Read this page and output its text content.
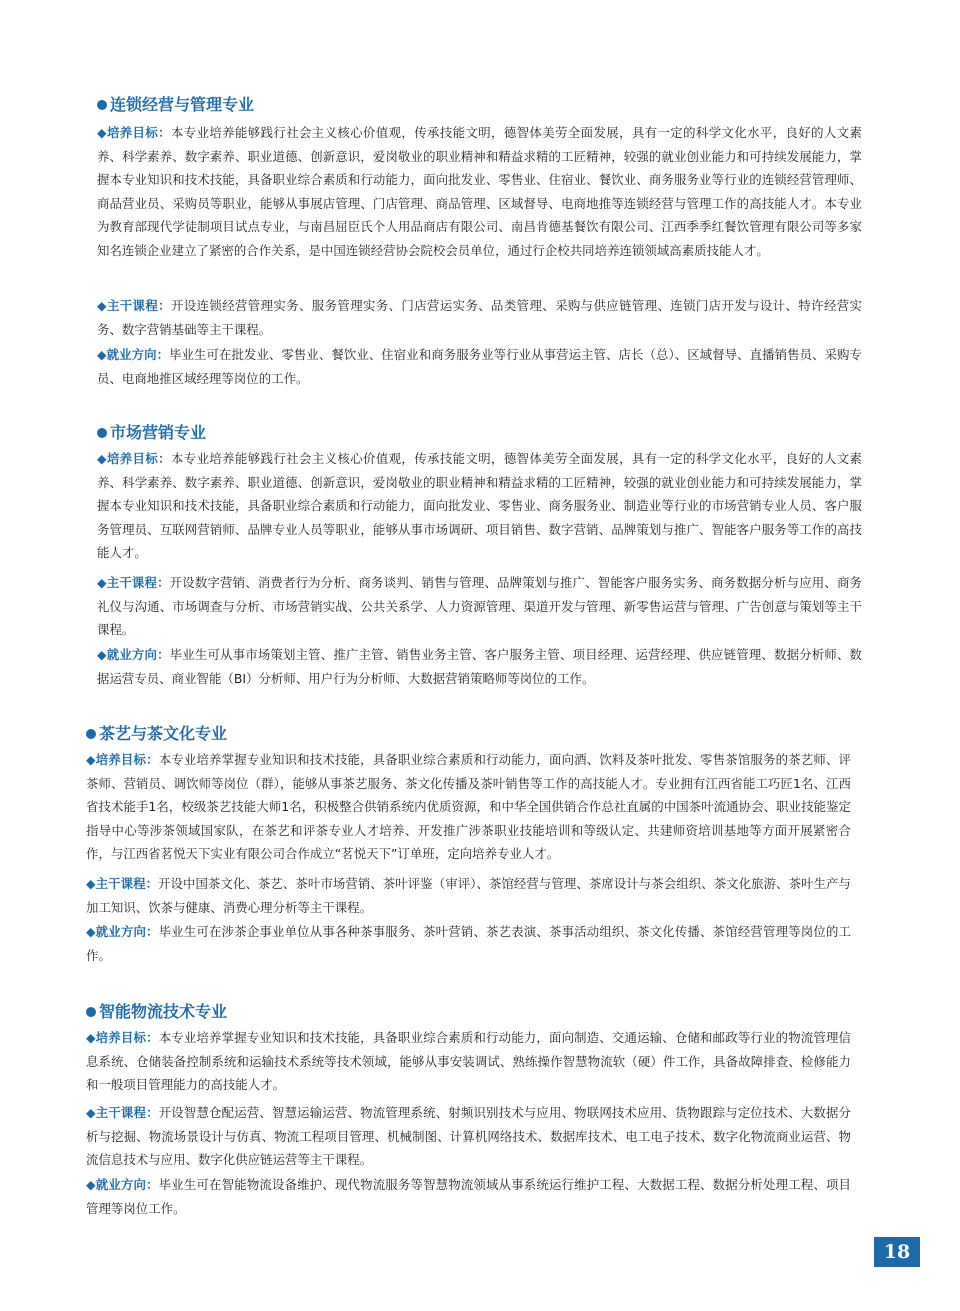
连锁经营与管理专业

◆培养目标：本专业培养能够践行社会主义核心价值观，传承技能文明，德智体美劳全面发展，具有一定的科学文化水平，良好的人文素养、科学素养、数字素养、职业道德、创新意识，爱岗敬业的职业精神和精益求精的工匠精神，较强的就业创业能力和可持续发展能力，掌握本专业知识和技术技能，具备职业综合素质和行动能力，面向批发业、零售业、住宿业、餐饮业、商务服务业等行业的连锁经营管理师、商品营业员、采购员等职业，能够从事展店管理、门店管理、商品管理、区域督导、电商地推等连锁经营与管理工作的高技能人才。本专业为教育部现代学徒制项目试点专业，与南昌屈臣氏个人用品商店有限公司、南昌肯德基餐饮有限公司、江西季季红餐饮管理有限公司等多家知名连锁企业建立了紧密的合作关系，是中国连锁经营协会院校会员单位，通过行企校共同培养连锁领域高素质技能人才。

◆主干课程：开设连锁经营管理实务、服务管理实务、门店营运实务、品类管理、采购与供应链管理、连锁门店开发与设计、特许经营实务、数字营销基础等主干课程。

◆就业方向：毕业生可在批发业、零售业、餐饮业、住宿业和商务服务业等行业从事营运主管、店长（总）、区域督导、直播销售员、采购专员、电商地推区域经理等岗位的工作。

市场营销专业

◆培养目标：本专业培养能够践行社会主义核心价值观，传承技能文明，德智体美劳全面发展，具有一定的科学文化水平，良好的人文素养、科学素养、数字素养、职业道德、创新意识，爱岗敬业的职业精神和精益求精的工匠精神，较强的就业创业能力和可持续发展能力，掌握本专业知识和技术技能，具备职业综合素质和行动能力，面向批发业、零售业、商务服务业、制造业等行业的市场营销专业人员、客户服务管理员、互联网营销师、品牌专业人员等职业，能够从事市场调研、项目销售、数字营销、品牌策划与推广、智能客户服务等工作的高技能人才。

◆主干课程：开设数字营销、消费者行为分析、商务谈判、销售与管理、品牌策划与推广、智能客户服务实务、商务数据分析与应用、商务礼仪与沟通、市场调查与分析、市场营销实战、公共关系学、人力资源管理、渠道开发与管理、新零售运营与管理、广告创意与策划等主干课程。

◆就业方向：毕业生可从事市场策划主管、推广主管、销售业务主管、客户服务主管、项目经理、运营经理、供应链管理、数据分析师、数据运营专员、商业智能（BI）分析师、用户行为分析师、大数据营销策略师等岗位的工作。

茶艺与茶文化专业

◆培养目标：本专业培养掌握专业知识和技术技能，具备职业综合素质和行动能力，面向酒、饮料及茶叶批发、零售茶馆服务的茶艺师、评茶师、营销员、调饮师等岗位（群），能够从事茶艺服务、茶文化传播及茶叶销售等工作的高技能人才。专业拥有江西省能工巧匠1名、江西省技术能手1名，校级茶艺技能大师1名，积极整合供销系统内优质资源，和中华全国供销合作总社直属的中国茶叶流通协会、职业技能鉴定指导中心等涉茶领域国家队，在茶艺和评茶专业人才培养、开发推广涉茶职业技能培训和等级认定、共建师资培训基地等方面开展紧密合作，与江西省茗悦天下实业有限公司合作成立“茗悦天下”订单班，定向培养专业人才。

◆主干课程：开设中国茶文化、茶艺、茶叶市场营销、茶叶评鉴（审评）、茶馆经营与管理、茶席设计与茶会组织、茶文化旅游、茶叶生产与加工知识、饮茶与健康、消费心理分析等主干课程。

◆就业方向：毕业生可在涉茶企事业单位从事各种茶事服务、茶叶营销、茶艺表演、茶事活动组织、茶文化传播、茶馆经营管理等岗位的工作。

智能物流技术专业

◆培养目标：本专业培养掌握专业知识和技术技能，具备职业综合素质和行动能力，面向制造、交通运输、仓储和邮政等行业的物流管理信息系统、仓储装备控制系统和运输技术系统等技术领域，能够从事安装调试、熟练操作智慧物流软（硬）件工作，具备故障排查、检修能力和一般项目管理能力的高技能人才。

◆主干课程：开设智慧仓配运营、智慧运输运营、物流管理系统、射频识别技术与应用、物联网技术应用、货物跟踪与定位技术、大数据分析与挖掘、物流场景设计与仿真、物流工程项目管理、机械制图、计算机网络技术、数据库技术、电工电子技术、数字化物流商业运营、物流信息技术与应用、数字化供应链运营等主干课程。

◆就业方向：毕业生可在智能物流设备维护、现代物流服务等智慧物流领域从事系统运行维护工程、大数据工程、数据分析处理工程、项目管理等岗位工作。

18
